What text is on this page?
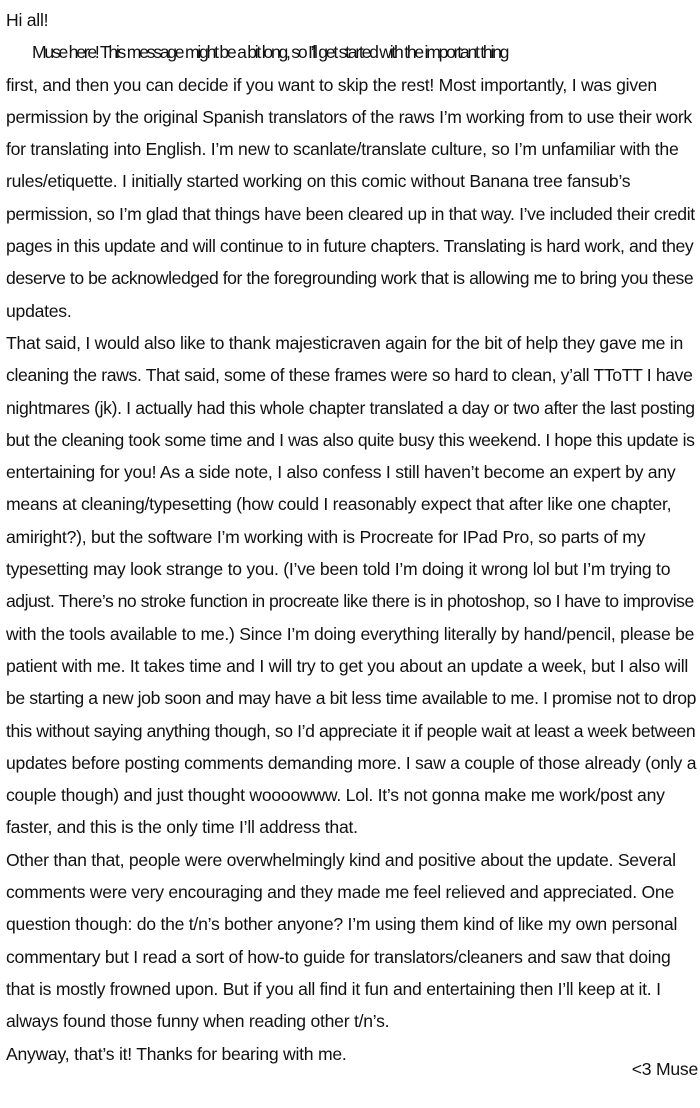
Hi all!
Muse here! This message might be a bit long, so I’ll get started with the important thing
first, and then you can decide if you want to skip the rest! Most importantly, I was given
permission by the original Spanish translators of the raws I’m working from to use their work
for translating into English. I’m new to scanlate/translate culture, so I’m unfamiliar with the
rules/etiquette. I initially started working on this comic without Banana tree fansub’s
permission, so I’m glad that things have been cleared up in that way. I’ve included their credit
pages in this update and will continue to in future chapters. Translating is hard work, and they
deserve to be acknowledged for the foregrounding work that is allowing me to bring you these
updates.
That said, I would also like to thank majesticraven again for the bit of help they gave me in
cleaning the raws. That said, some of these frames were so hard to clean, y’all TToTT I have
nightmares (jk). I actually had this whole chapter translated a day or two after the last posting
but the cleaning took some time and I was also quite busy this weekend. I hope this update is
entertaining for you! As a side note, I also confess I still haven’t become an expert by any
means at cleaning/typesetting (how could I reasonably expect that after like one chapter,
amiright?), but the software I’m working with is Procreate for IPad Pro, so parts of my
typesetting may look strange to you. (I’ve been told I’m doing it wrong lol but I’m trying to
adjust. There’s no stroke function in procreate like there is in photoshop, so I have to improvise
with the tools available to me.) Since I’m doing everything literally by hand/pencil, please be
patient with me. It takes time and I will try to get you about an update a week, but I also will
be starting a new job soon and may have a bit less time available to me. I promise not to drop
this without saying anything though, so I’d appreciate it if people wait at least a week between
updates before posting comments demanding more. I saw a couple of those already (only a
couple though) and just thought woooowww. Lol. It’s not gonna make me work/post any
faster, and this is the only time I’ll address that.
Other than that, people were overwhelmingly kind and positive about the update. Several
comments were very encouraging and they made me feel relieved and appreciated. One
question though: do the t/n’s bother anyone? I’m using them kind of like my own personal
commentary but I read a sort of how-to guide for translators/cleaners and saw that doing
that is mostly frowned upon. But if you all find it fun and entertaining then I’ll keep at it. I
always found those funny when reading other t/n’s.
Anyway, that’s it! Thanks for bearing with me.
<3 Muse
